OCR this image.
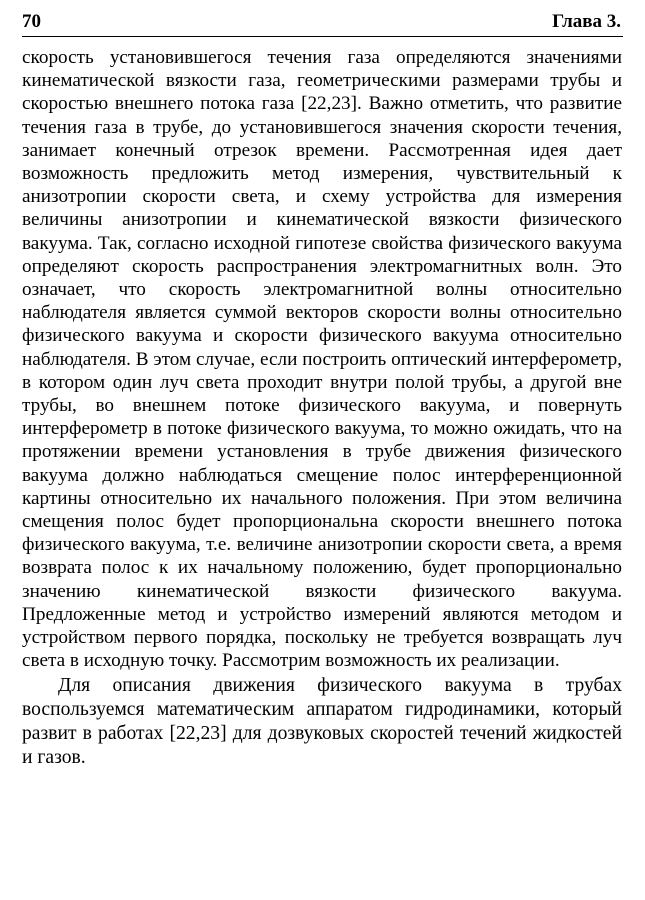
70	Глава 3.

скорость установившегося течения газа определяются значениями кинематической вязкости газа, геометрическими размерами трубы и скоростью внешнего потока газа [22,23]. Важно отметить, что развитие течения газа в трубе, до установившегося значения скорости течения, занимает конечный отрезок времени. Рассмотренная идея дает возможность предложить метод измерения, чувствительный к анизотропии скорости света, и схему устройства для измерения величины анизотропии и кинематической вязкости физического вакуума. Так, согласно исходной гипотезе свойства физического вакуума определяют скорость распространения электромагнитных волн. Это означает, что скорость электромагнитной волны относительно наблюдателя является суммой векторов скорости волны относительно физического вакуума и скорости физического вакуума относительно наблюдателя. В этом случае, если построить оптический интерферометр, в котором один луч света проходит внутри полой трубы, а другой вне трубы, во внешнем потоке физического вакуума, и повернуть интерферометр в потоке физического вакуума, то можно ожидать, что на протяжении времени установления в трубе движения физического вакуума должно наблюдаться смещение полос интерференционной картины относительно их начального положения. При этом величина смещения полос будет пропорциональна скорости внешнего потока физического вакуума, т.е. величине анизотропии скорости света, а время возврата полос к их начальному положению, будет пропорционально значению кинематической вязкости физического вакуума. Предложенные метод и устройство измерений являются методом и устройством первого порядка, поскольку не требуется возвращать луч света в исходную точку. Рассмотрим возможность их реализации.

Для описания движения физического вакуума в трубах воспользуемся математическим аппаратом гидродинамики, который развит в работах [22,23] для дозвуковых скоростей течений жидкостей и газов.
